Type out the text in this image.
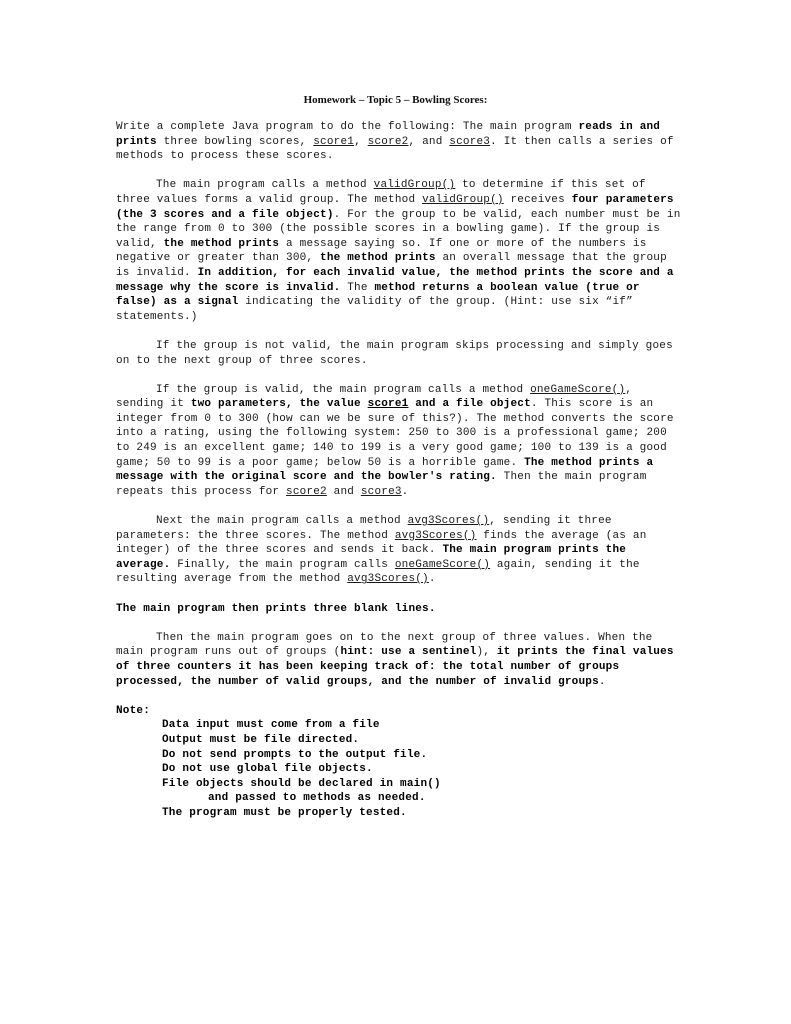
Homework – Topic 5 – Bowling Scores:

Write a complete Java program to do the following: The main program reads in and prints three bowling scores, score1, score2, and score3. It then calls a series of methods to process these scores.

The main program calls a method validGroup() to determine if this set of three values forms a valid group. The method validGroup() receives four parameters (the 3 scores and a file object). For the group to be valid, each number must be in the range from 0 to 300 (the possible scores in a bowling game). If the group is valid, the method prints a message saying so. If one or more of the numbers is negative or greater than 300, the method prints an overall message that the group is invalid. In addition, for each invalid value, the method prints the score and a message why the score is invalid. The method returns a boolean value (true or false) as a signal indicating the validity of the group. (Hint: use six “if” statements.)

If the group is not valid, the main program skips processing and simply goes on to the next group of three scores.

If the group is valid, the main program calls a method oneGameScore(), sending it two parameters, the value score1 and a file object. This score is an integer from 0 to 300 (how can we be sure of this?). The method converts the score into a rating, using the following system: 250 to 300 is a professional game; 200 to 249 is an excellent game; 140 to 199 is a very good game; 100 to 139 is a good game; 50 to 99 is a poor game; below 50 is a horrible game. The method prints a message with the original score and the bowler's rating. Then the main program repeats this process for score2 and score3.

Next the main program calls a method avg3Scores(), sending it three parameters: the three scores. The method avg3Scores() finds the average (as an integer) of the three scores and sends it back. The main program prints the average. Finally, the main program calls oneGameScore() again, sending it the resulting average from the method avg3Scores().

The main program then prints three blank lines.

Then the main program goes on to the next group of three values. When the main program runs out of groups (hint: use a sentinel), it prints the final values of three counters it has been keeping track of: the total number of groups processed, the number of valid groups, and the number of invalid groups.

Note:
Data input must come from a file
Output must be file directed.
Do not send prompts to the output file.
Do not use global file objects.
File objects should be declared in main()
and passed to methods as needed.
The program must be properly tested.
